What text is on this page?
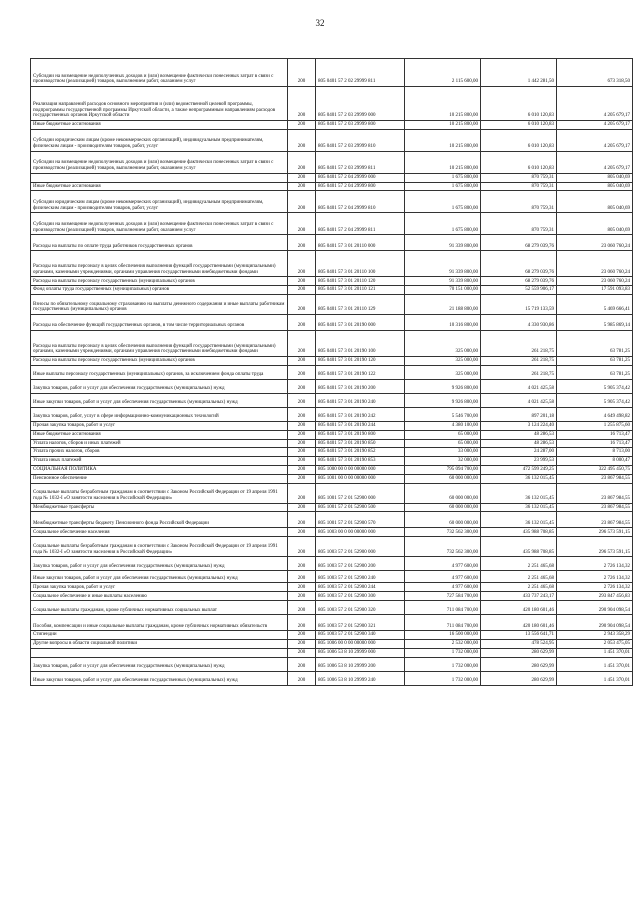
32
Субсидии на возмещение недополученных доходов и (или) возмещение фактически понесенных затрат в связи с производством (реализацией) товаров, выполнением работ, оказанием услуг	200	805 0401 57 2 02 29999 811	2 115 600,00	1 442 281,50	673 318,50
Реализация направлений расходов основного мероприятия и (или) ведомственной целевой программы, подпрограммы государственной программы Иркутской области, а также непрограммным направлениям расходов государственных органов Иркутской области	200	805 0401 57 2 03 29999 000	10 215 800,00	6 010 120,83	4 205 679,17
Иные бюджетные ассигнования	200	805 0401 57 2 03 29999 800	10 215 800,00	6 010 120,83	4 205 679,17
Субсидии юридическим лицам (кроме некоммерческих организаций), индивидуальным предпринимателям, физическим лицам - производителям товаров, работ, услуг	200	805 0401 57 2 03 29999 810	10 215 800,00	6 010 120,83	4 205 679,17
Субсидии на возмещение недополученных доходов и (или) возмещение фактически понесенных затрат в связи с производством (реализацией) товаров, выполнением работ, оказанием услуг	200	805 0401 57 2 03 29999 811	10 215 800,00	6 010 120,83	4 205 679,17
	200	805 0401 57 2 04 29999 000	1 675 800,00	870 759,31	805 040,69
Иные бюджетные ассигнования	200	805 0401 57 2 04 29999 800	1 675 800,00	870 759,31	805 040,69
Субсидии юридическим лицам (кроме некоммерческих организаций), индивидуальным предпринимателям, физическим лицам - производителям товаров, работ, услуг	200	805 0401 57 2 04 29999 810	1 675 800,00	870 759,31	805 040,69
Субсидии на возмещение недополученных доходов и (или) возмещение фактически понесенных затрат в связи с производством (реализацией) товаров, выполнением работ, оказанием услуг	200	805 0401 57 2 04 29999 811	1 675 800,00	870 759,31	805 040,69
Расходы на выплаты по оплате труда работников государственных органов	200	805 0401 57 3 01 20110 000	91 339 800,00	68 279 039,76	23 060 760,24
Расходы на выплаты персоналу в целях обеспечения выполнения функций государственными (муниципальными) органами, казенными учреждениями, органами управления государственными внебюджетными фондами	200	805 0401 57 3 01 20110 100	91 339 800,00	68 279 039,76	23 060 760,24
Расходы на выплаты персоналу государственных (муниципальных) органов	200	805 0401 57 3 01 20110 120	91 339 800,00	68 279 039,76	23 060 760,24
Фонд оплаты труда государственных (муниципальных) органов	200	805 0401 57 3 01 20110 121	70 151 000,00	52 559 906,17	17 591 093,83
Взносы по обязательному социальному страхованию на выплаты денежного содержания и иные выплаты работникам государственных (муниципальных) органов	200	805 0401 57 3 01 20110 129	21 188 800,00	15 719 133,59	5 469 666,41
Расходы на обеспечение функций государственных органов, в том числе территориальных органов	200	805 0401 57 3 01 20190 000	10 316 800,00	4 330 930,86	5 985 869,14
Расходы на выплаты персоналу в целях обеспечения выполнения функций государственными (муниципальными) органами, казенными учреждениями, органами управления государственными внебюджетными фондами	200	805 0401 57 3 01 20190 100	325 000,00	261 218,75	63 781,25
Расходы на выплаты персоналу государственных (муниципальных) органов	200	805 0401 57 3 01 20190 120	325 000,00	261 218,75	63 781,25
Иные выплаты персоналу государственных (муниципальных) органов, за исключением фонда оплаты труда	200	805 0401 57 3 01 20190 122	325 000,00	261 218,75	63 781,25
Закупка товаров, работ и услуг для обеспечения государственных (муниципальных) нужд	200	805 0401 57 3 01 20190 200	9 926 800,00	4 021 425,58	5 905 374,42
Иные закупки товаров, работ и услуг для обеспечения государственных (муниципальных) нужд	200	805 0401 57 3 01 20190 240	9 926 800,00	4 021 425,58	5 905 374,42
Закупка товаров, работ, услуг в сфере информационно-коммуникационных технологий	200	805 0401 57 3 01 20190 242	5 546 700,00	897 201,18	4 649 498,82
Прочая закупка товаров, работ и услуг	200	805 0401 57 3 01 20190 244	4 380 100,00	3 124 224,40	1 255 875,60
Иные бюджетные ассигнования	200	805 0401 57 3 01 20190 800	65 000,00	48 286,53	16 713,47
Уплата налогов, сборов и иных платежей	200	805 0401 57 3 01 20190 850	65 000,00	48 286,53	16 713,47
Уплата прочих налогов, сборов	200	805 0401 57 3 01 20190 852	33 000,00	24 287,00	8 713,00
Уплата иных платежей	200	805 0401 57 3 01 20190 853	32 000,00	23 999,53	8 000,47
СОЦИАЛЬНАЯ ПОЛИТИКА	200	805 1000 00 0 00 00000 000	795 094 700,00	472 599 249,25	322 495 450,75
Пенсионное обеспечение	200	805 1001 00 0 00 00000 000	60 000 000,00	36 132 015,45	23 867 984,55
Социальные выплаты безработным гражданам в соответствии с Законом Российской Федерации от 19 апреля 1991 года № 1032-I «О занятости населения в Российской Федерации»	200	805 1001 57 2 01 52900 000	60 000 000,00	36 132 015,45	23 867 984,55
Межбюджетные трансферты	200	805 1001 57 2 01 52900 500	60 000 000,00	36 132 015,45	23 867 984,55
Межбюджетные трансферты бюджету Пенсионного фонда Российской Федерации	200	805 1001 57 2 01 52900 570	60 000 000,00	36 132 015,45	23 867 984,55
Социальное обеспечение населения	200	805 1003 00 0 00 00000 000	732 562 300,00	435 988 708,85	296 573 591,15
Социальные выплаты безработным гражданам в соответствии с Законом Российской Федерации от 19 апреля 1991 года № 1032-I «О занятости населения в Российской Федерации»	200	805 1003 57 2 01 52900 000	732 562 300,00	435 988 708,85	296 573 591,15
Закупка товаров, работ и услуг для обеспечения государственных (муниципальных) нужд	200	805 1003 57 2 01 52900 200	4 977 600,00	2 251 465,68	2 726 134,32
Иные закупки товаров, работ и услуг для обеспечения государственных (муниципальных) нужд	200	805 1003 57 2 01 52900 240	4 977 600,00	2 251 465,68	2 726 134,32
Прочая закупка товаров, работ и услуг	200	805 1003 57 2 01 52900 244	4 977 600,00	2 251 465,68	2 726 134,32
Социальное обеспечение и иные выплаты населению	200	805 1003 57 2 01 52900 300	727 584 700,00	433 737 243,17	293 847 456,83
Социальные выплаты гражданам, кроме публичных нормативных социальных выплат	200	805 1003 57 2 01 52900 320	711 084 700,00	420 180 601,46	290 904 098,54
Пособия, компенсации и иные социальные выплаты гражданам, кроме публичных нормативных обязательств	200	805 1003 57 2 01 52900 321	711 084 700,00	420 180 601,46	290 904 098,54
Стипендии	200	805 1003 57 2 01 52900 340	16 500 000,00	13 556 641,71	2 943 358,29
Другие вопросы в области социальной политики	200	805 1006 00 0 00 00000 000	2 532 000,00	478 524,95	2 053 475,05
	200	805 1006 53 8 10 29999 000	1 732 000,00	280 629,99	1 451 370,01
Закупка товаров, работ и услуг для обеспечения государственных (муниципальных) нужд	200	805 1006 53 8 10 29999 200	1 732 000,00	280 629,99	1 451 370,01
Иные закупки товаров, работ и услуг для обеспечения государственных (муниципальных) нужд	200	805 1006 53 8 10 29999 240	1 732 000,00	280 629,99	1 451 370,01
